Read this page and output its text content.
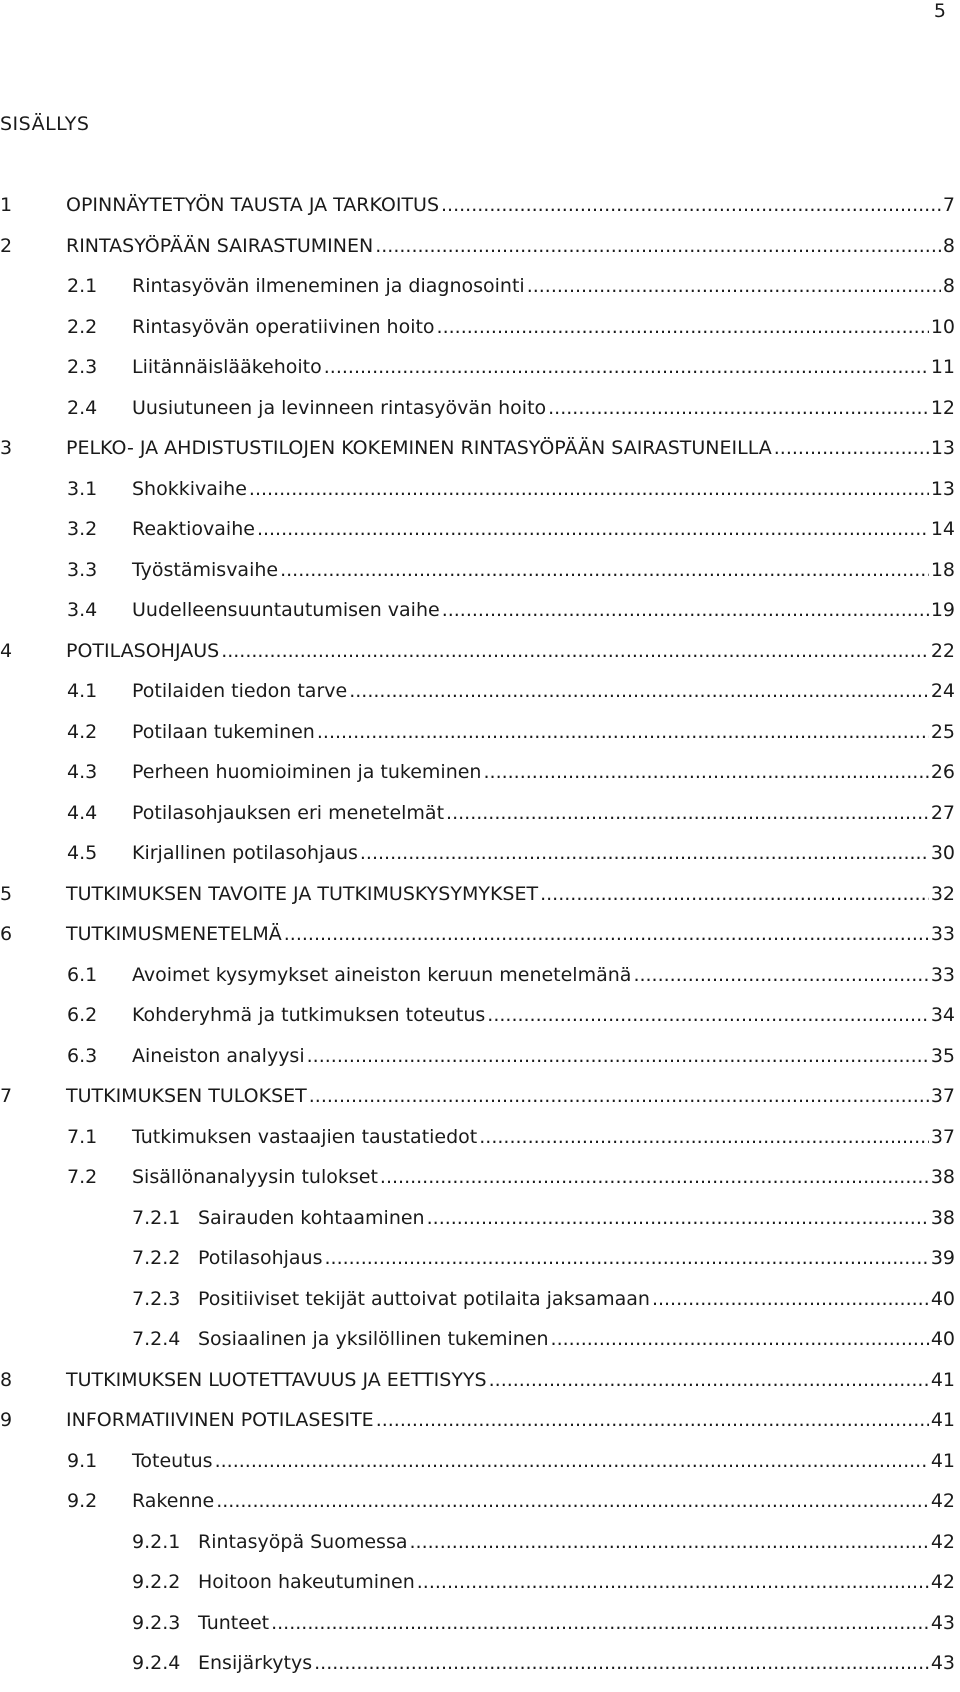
5
SISÄLLYS
1	OPINNÄYTETYÖN TAUSTA JA TARKOITUS .....	7
2	RINTASYÖPÄÄN SAIRASTUMINEN .....	8
2.1 Rintasyövän ilmeneminen ja diagnosointi .....	8
2.2 Rintasyövän operatiivinen hoito .....	10
2.3 Liitännäislääkehoito .....	11
2.4 Uusiutuneen ja levinneen rintasyövän hoito .....	12
3	PELKO- JA AHDISTUSTILOJEN KOKEMINEN RINTASYÖPÄÄN SAIRASTUNEILLA .....	13
3.1 Shokkivaihe .....	13
3.2 Reaktiovaihe .....	14
3.3 Työstämisvaihe .....	18
3.4 Uudelleensuuntautumisen vaihe .....	19
4	POTILASOHJAUS .....	22
4.1 Potilaiden tiedon tarve .....	24
4.2 Potilaan tukeminen .....	25
4.3 Perheen huomioiminen ja tukeminen .....	26
4.4 Potilasohjauksen eri menetelmät .....	27
4.5 Kirjallinen potilasohjaus .....	30
5	TUTKIMUKSEN TAVOITE JA TUTKIMUSKYSYMYKSET .....	32
6	TUTKIMUSMENETELMÄ .....	33
6.1 Avoimet kysymykset aineiston keruun menetelmänä .....	33
6.2 Kohderyhmä ja tutkimuksen toteutus .....	34
6.3 Aineiston analyysi .....	35
7	TUTKIMUKSEN TULOKSET .....	37
7.1 Tutkimuksen vastaajien taustatiedot .....	37
7.2 Sisällönanalyysin tulokset .....	38
7.2.1 Sairauden kohtaaminen .....	38
7.2.2 Potilasohjaus .....	39
7.2.3 Positiiviset tekijät auttoivat potilaita jaksamaan .....	40
7.2.4 Sosiaalinen ja yksilöllinen tukeminen .....	40
8	TUTKIMUKSEN LUOTETTAVUUS JA EETTISYYS .....	41
9	INFORMATIIVINEN POTILASESITE .....	41
9.1 Toteutus .....	41
9.2 Rakenne .....	42
9.2.1 Rintasyöpä Suomessa .....	42
9.2.2 Hoitoon hakeutuminen .....	42
9.2.3 Tunteet .....	43
9.2.4 Ensijärkytys .....	43
